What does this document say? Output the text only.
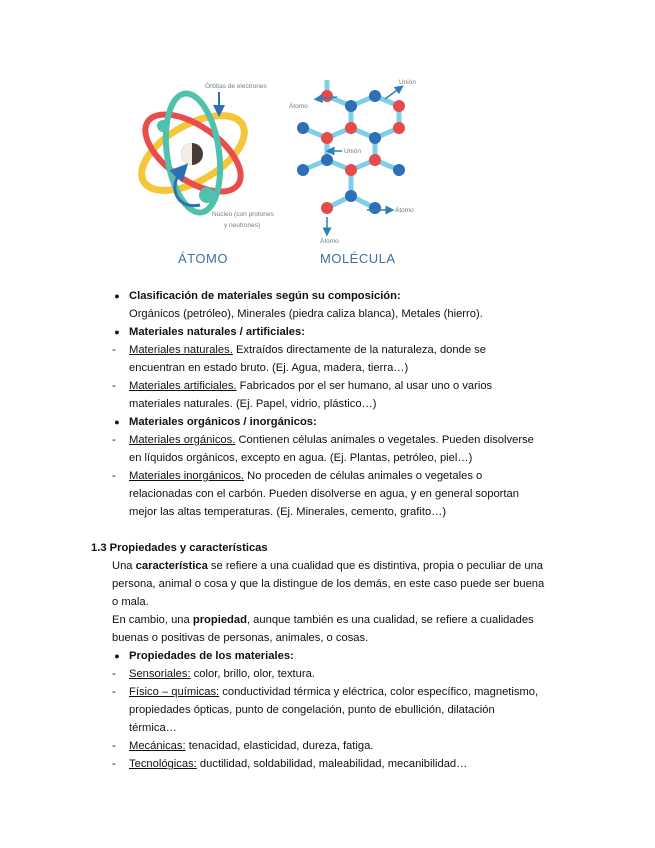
Órbitas de electrones
Núcleo (con protones
y neutrones)
ÁTOMO
Unión
Átomo
Unión
Átomo
Átomo
MOLÉCULA
● Clasificación de materiales según su composición:
Orgánicos (petróleo), Minerales (piedra caliza blanca), Metales (hierro).
● Materiales naturales / artificiales:
-	Materiales naturales. Extraídos directamente de la naturaleza, donde se
encuentran en estado bruto. (Ej. Agua, madera, tierra…)
-	Materiales artificiales. Fabricados por el ser humano, al usar uno o varios
materiales naturales. (Ej. Papel, vidrio, plástico…)
● Materiales orgánicos / inorgánicos:
-	Materiales orgánicos. Contienen células animales o vegetales. Pueden disolverse
en líquidos orgánicos, excepto en agua. (Ej. Plantas, petróleo, piel…)
-	Materiales inorgánicos. No proceden de células animales o vegetales o
relacionadas con el carbón. Pueden disolverse en agua, y en general soportan
mejor las altas temperaturas. (Ej. Minerales, cemento, grafito…)
1.3 Propiedades y características
Una característica se refiere a una cualidad que es distintiva, propia o peculiar de una
persona, animal o cosa y que la distingue de los demás, en este caso puede ser buena
o mala.
En cambio, una propiedad, aunque también es una cualidad, se refiere a cualidades
buenas o positivas de personas, animales, o cosas.
● Propiedades de los materiales:
-	Sensoriales: color, brillo, olor, textura.
-	Físico – químicas: conductividad térmica y eléctrica, color específico, magnetismo,
propiedades ópticas, punto de congelación, punto de ebullición, dilatación
térmica…
-	Mecánicas: tenacidad, elasticidad, dureza, fatiga.
-	Tecnológicas: ductilidad, soldabilidad, maleabilidad, mecanibilidad…
